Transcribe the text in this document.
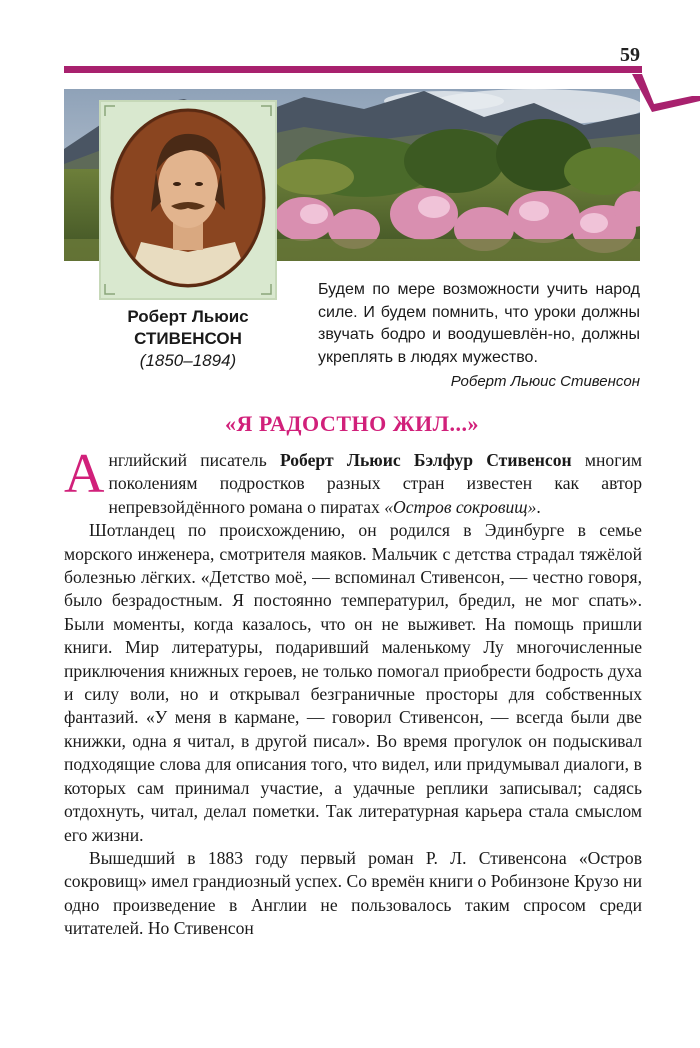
59
Роберт Льюис
СТИВЕНСОН
(1850–1894)
Будем по мере возможности учить народ силе. И будем помнить, что уроки должны звучать бодро и воодушевлён-но, должны укреплять в людях мужество.
Роберт Льюис Стивенсон
«Я РАДОСТНО ЖИЛ...»

Английский писатель Роберт Льюис Бэлфур Стивенсон многим поколениям подростков разных стран известен как автор непревзойдённого романа о пиратах «Остров сокровищ».

Шотландец по происхождению, он родился в Эдинбурге в семье морского инженера, смотрителя маяков. Мальчик с детства страдал тяжёлой болезнью лёгких. «Детство моё, — вспоминал Стивенсон, — честно говоря, было безрадостным. Я постоянно температурил, бредил, не мог спать». Были моменты, когда казалось, что он не выживет. На помощь пришли книги. Мир литературы, подаривший маленькому Лу многочисленные приключения книжных героев, не только помогал приобрести бодрость духа и силу воли, но и открывал безграничные просторы для собственных фантазий. «У меня в кармане, — говорил Стивенсон, — всегда были две книжки, одна я читал, в другой писал». Во время прогулок он подыскивал подходящие слова для описания того, что видел, или придумывал диалоги, в которых сам принимал участие, а удачные реплики записывал; садясь отдохнуть, читал, делал пометки. Так литературная карьера стала смыслом его жизни.

Вышедший в 1883 году первый роман Р. Л. Стивенсона «Остров сокровищ» имел грандиозный успех. Со времён книги о Робинзоне Крузо ни одно произведение в Англии не пользовалось таким спросом среди читателей. Но Стивенсон
